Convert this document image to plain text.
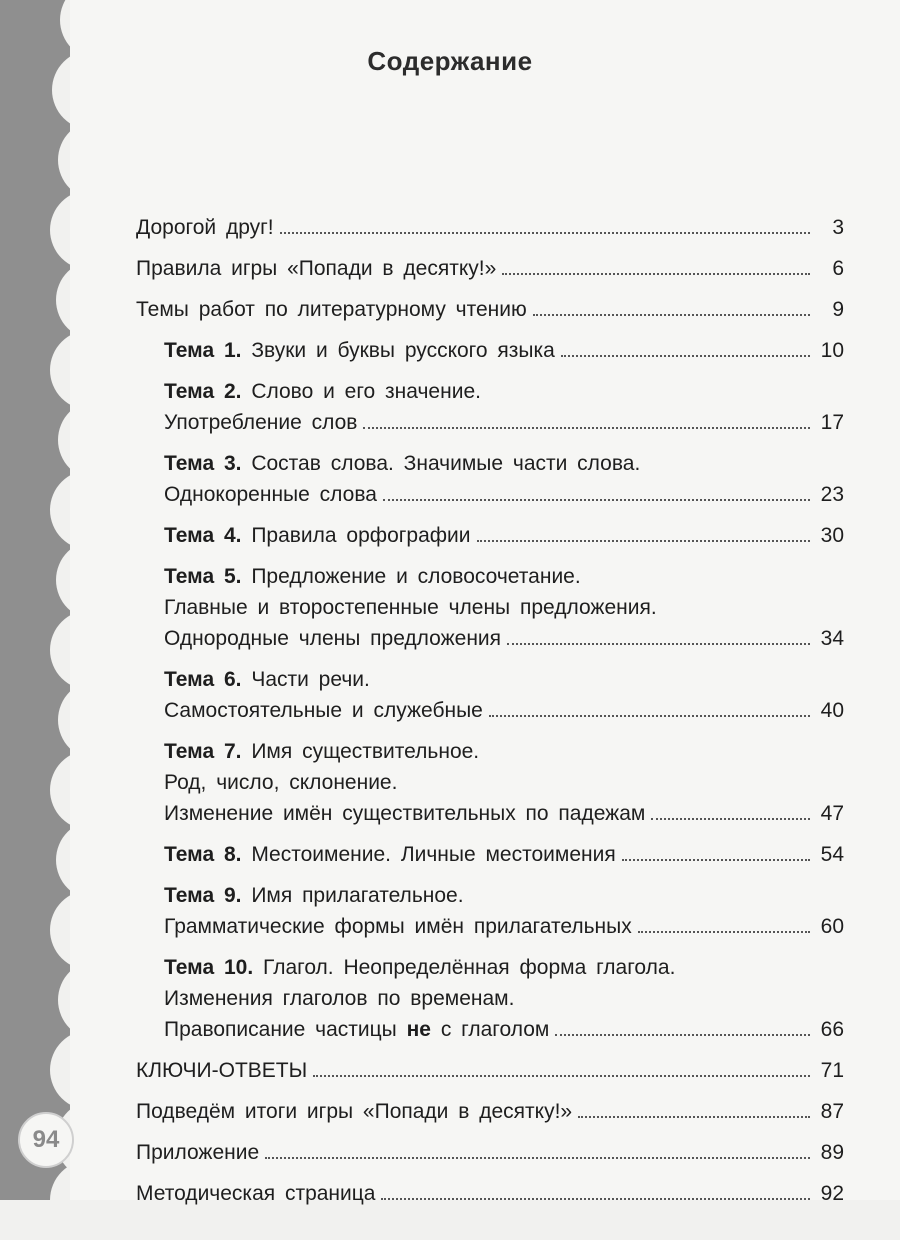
94
Содержание
Дорогой друг!	3
Правила игры «Попади в десятку!»	6
Темы работ по литературному чтению	9
Тема 1. Звуки и буквы русского языка	10
Тема 2. Слово и его значение.
Употребление слов	17
Тема 3. Состав слова. Значимые части слова.
Однокоренные слова	23
Тема 4. Правила орфографии	30
Тема 5. Предложение и словосочетание.
Главные и второстепенные члены предложения.
Однородные члены предложения	34
Тема 6. Части речи.
Самостоятельные и служебные	40
Тема 7. Имя существительное.
Род, число, склонение.
Изменение имён существительных по падежам	47
Тема 8. Местоимение. Личные местоимения	54
Тема 9. Имя прилагательное.
Грамматические формы имён прилагательных	60
Тема 10. Глагол. Неопределённая форма глагола.
Изменения глаголов по временам.
Правописание частицы не с глаголом	66
КЛЮЧИ-ОТВЕТЫ	71
Подведём итоги игры «Попади в десятку!»	87
Приложение	89
Методическая страница	92
